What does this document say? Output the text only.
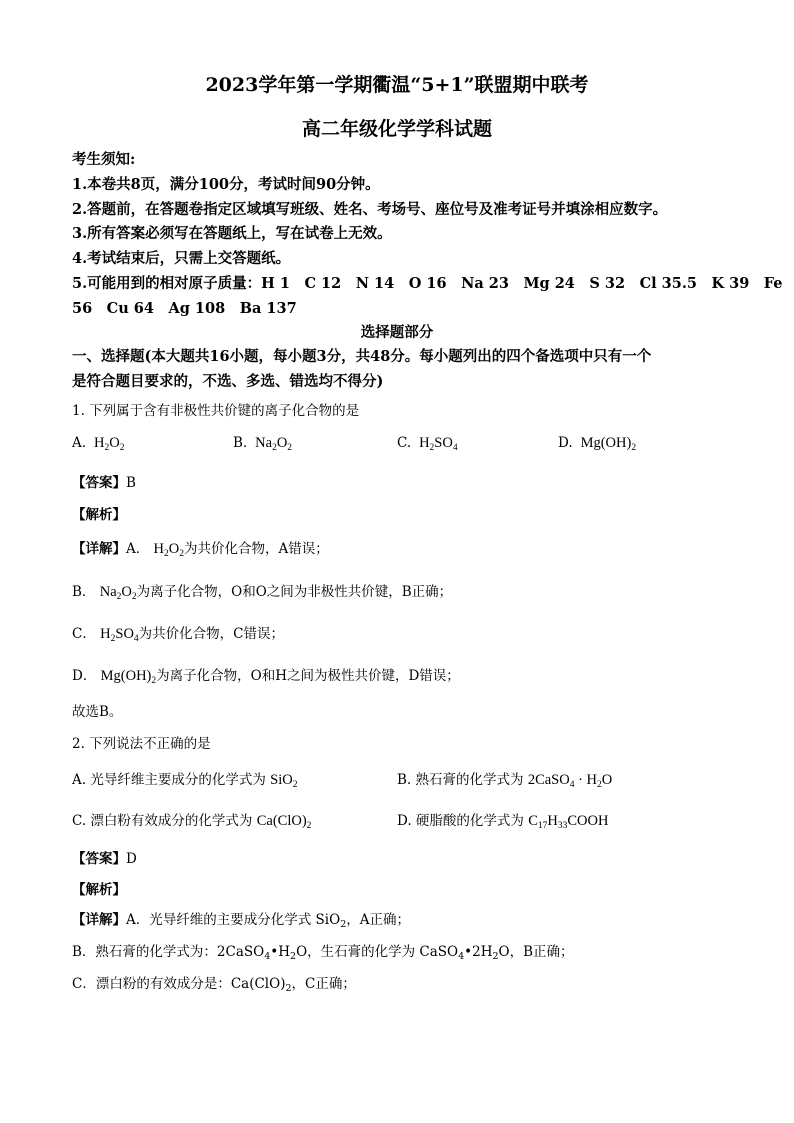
2023学年第一学期衢温“5+1”联盟期中联考
高二年级化学学科试题
考生须知:
1.本卷共8页，满分100分，考试时间90分钟。
2.答题前，在答题卷指定区域填写班级、姓名、考场号、座位号及准考证号并填涂相应数字。
3.所有答案必须写在答题纸上，写在试卷上无效。
4.考试结束后，只需上交答题纸。
5.可能用到的相对原子质量：H 1　C 12　N 14　O 16　Na 23　Mg 24　S 32　Cl 35.5　K 39　Fe
56　Cu 64　Ag 108　Ba 137
选择题部分
一、选择题(本大题共16小题，每小题3分，共48分。每小题列出的四个备选项中只有一个
是符合题目要求的，不选、多选、错选均不得分)
1. 下列属于含有非极性共价键的离子化合物的是
A. $H_2O_2$	B. $Na_2O_2$	C. $H_2SO_4$	D. $Mg(OH)_2$
【答案】B
【解析】
【详解】A． $H_2O_2$为共价化合物，A错误；
B． $Na_2O_2$为离子化合物，O和O之间为非极性共价键，B正确；
C． $H_2SO_4$为共价化合物，C错误；
D． $Mg(OH)_2$为离子化合物，O和H之间为极性共价键，D错误；
故选B。
2. 下列说法不正确的是
A. 光导纤维主要成分的化学式为 SiO$_2$	B. 熟石膏的化学式为 2CaSO$_4$ · $H_2O$
C. 漂白粉有效成分的化学式为 $Ca(ClO)_2$	D. 硬脂酸的化学式为 $C_{17}H_{33}COOH$
【答案】D
【解析】
【详解】A．光导纤维的主要成分化学式 SiO$_2$，A正确；
B．熟石膏的化学式为：$2CaSO_4•H_2O$，生石膏的化学为 $CaSO_4•2H_2O$，B正确；
C．漂白粉的有效成分是：$Ca(ClO)_2$，C正确；
